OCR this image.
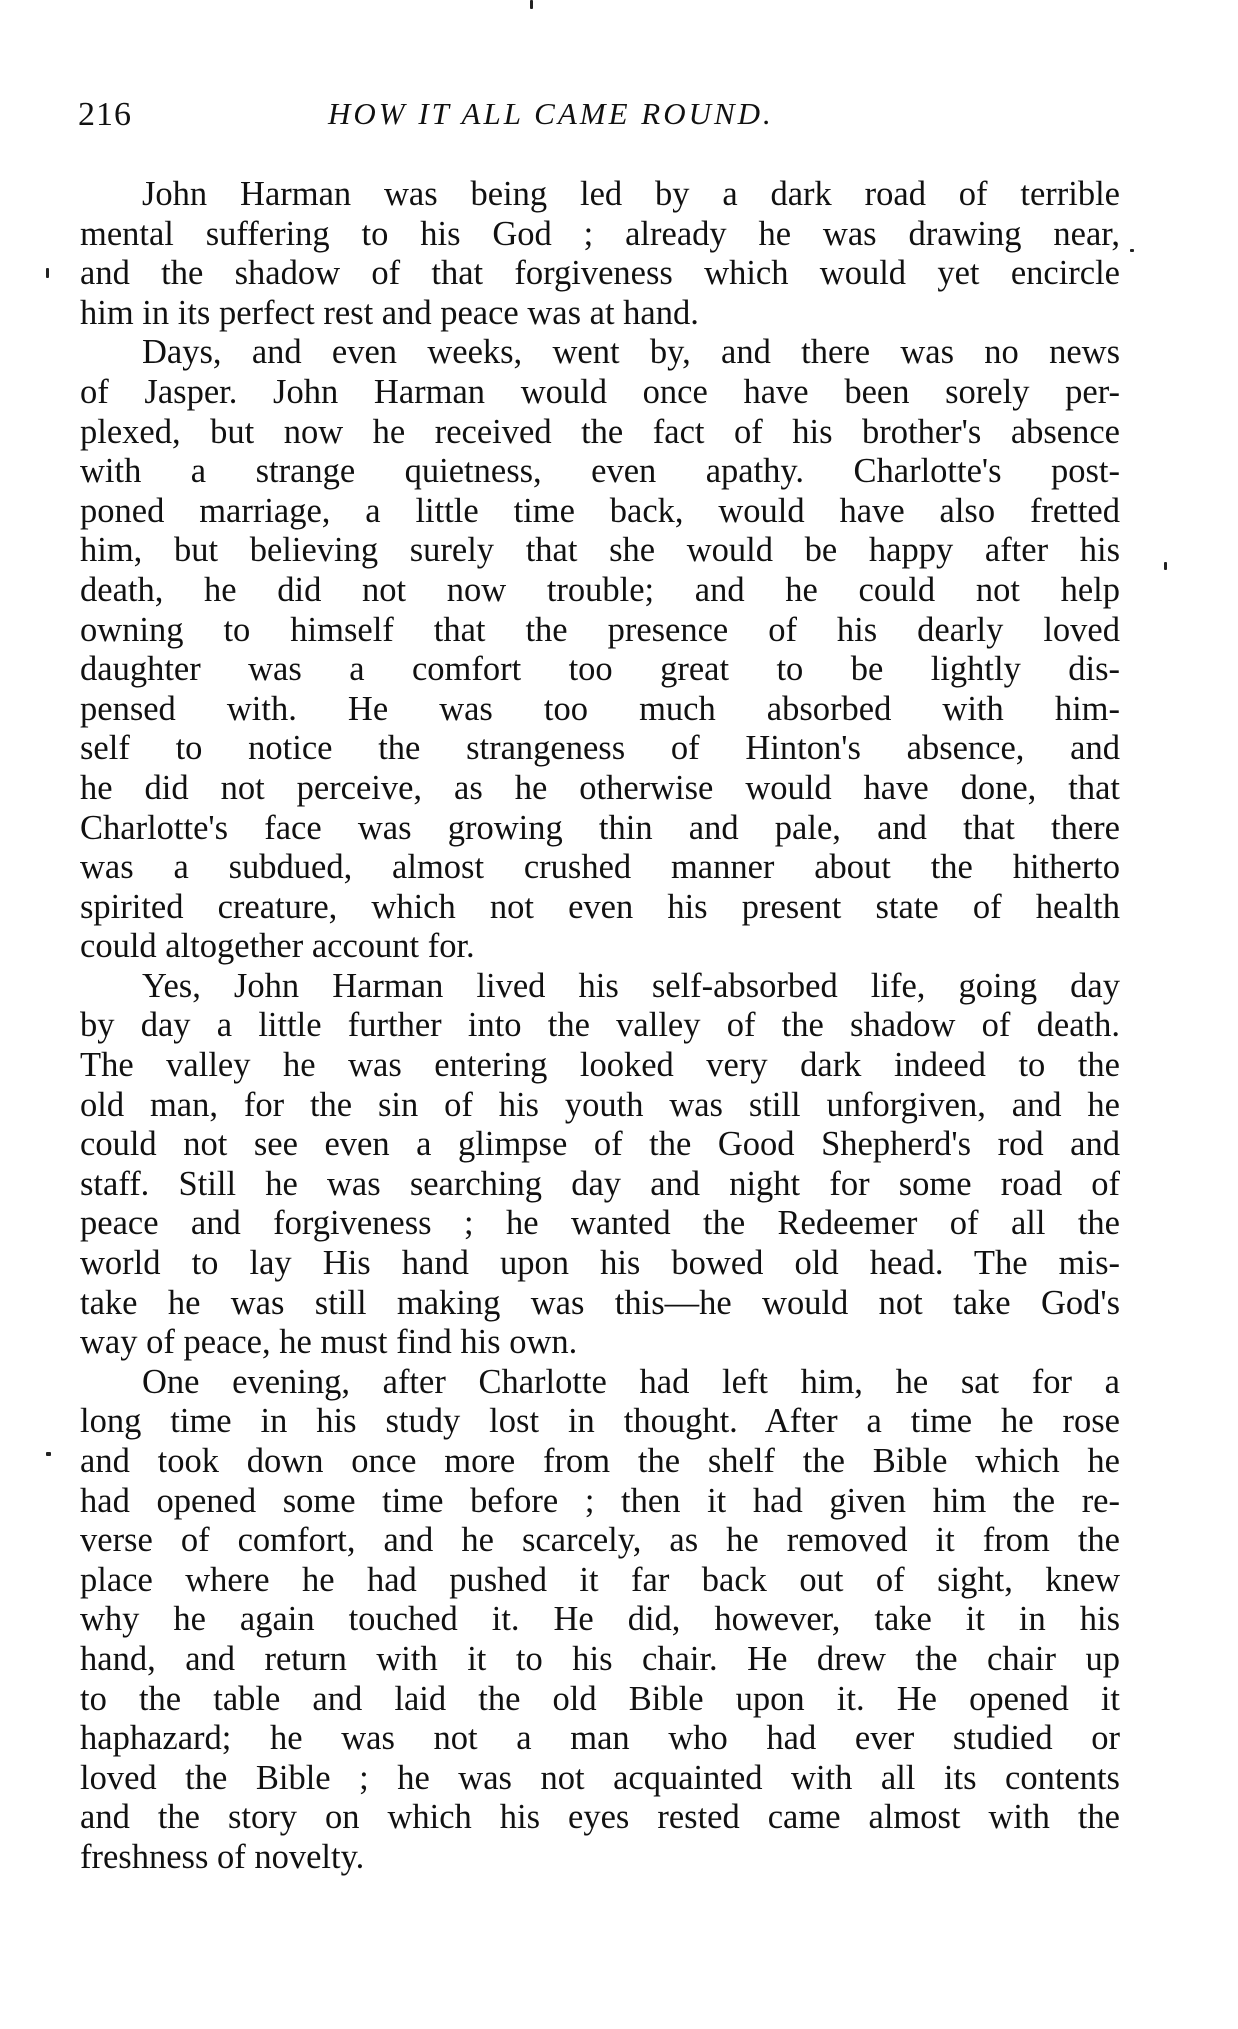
216	HOW IT ALL CAME ROUND.
John Harman was being led by a dark road of terrible
mental suffering to his God ; already he was drawing near,
and the shadow of that forgiveness which would yet encircle
him in its perfect rest and peace was at hand.
Days, and even weeks, went by, and there was no news
of Jasper. John Harman would once have been sorely per-
plexed, but now he received the fact of his brother's absence
with a strange quietness, even apathy. Charlotte's post-
poned marriage, a little time back, would have also fretted
him, but believing surely that she would be happy after his
death, he did not now trouble; and he could not help
owning to himself that the presence of his dearly loved
daughter was a comfort too great to be lightly dis-
pensed with. He was too much absorbed with him-
self to notice the strangeness of Hinton's absence, and
he did not perceive, as he otherwise would have done, that
Charlotte's face was growing thin and pale, and that there
was a subdued, almost crushed manner about the hitherto
spirited creature, which not even his present state of health
could altogether account for.
Yes, John Harman lived his self-absorbed life, going day
by day a little further into the valley of the shadow of death.
The valley he was entering looked very dark indeed to the
old man, for the sin of his youth was still unforgiven, and he
could not see even a glimpse of the Good Shepherd's rod and
staff. Still he was searching day and night for some road of
peace and forgiveness ; he wanted the Redeemer of all the
world to lay His hand upon his bowed old head. The mis-
take he was still making was this—he would not take God's
way of peace, he must find his own.
One evening, after Charlotte had left him, he sat for a
long time in his study lost in thought. After a time he rose
and took down once more from the shelf the Bible which he
had opened some time before ; then it had given him the re-
verse of comfort, and he scarcely, as he removed it from the
place where he had pushed it far back out of sight, knew
why he again touched it. He did, however, take it in his
hand, and return with it to his chair. He drew the chair up
to the table and laid the old Bible upon it. He opened it
haphazard; he was not a man who had ever studied or
loved the Bible ; he was not acquainted with all its contents
and the story on which his eyes rested came almost with the
freshness of novelty.
